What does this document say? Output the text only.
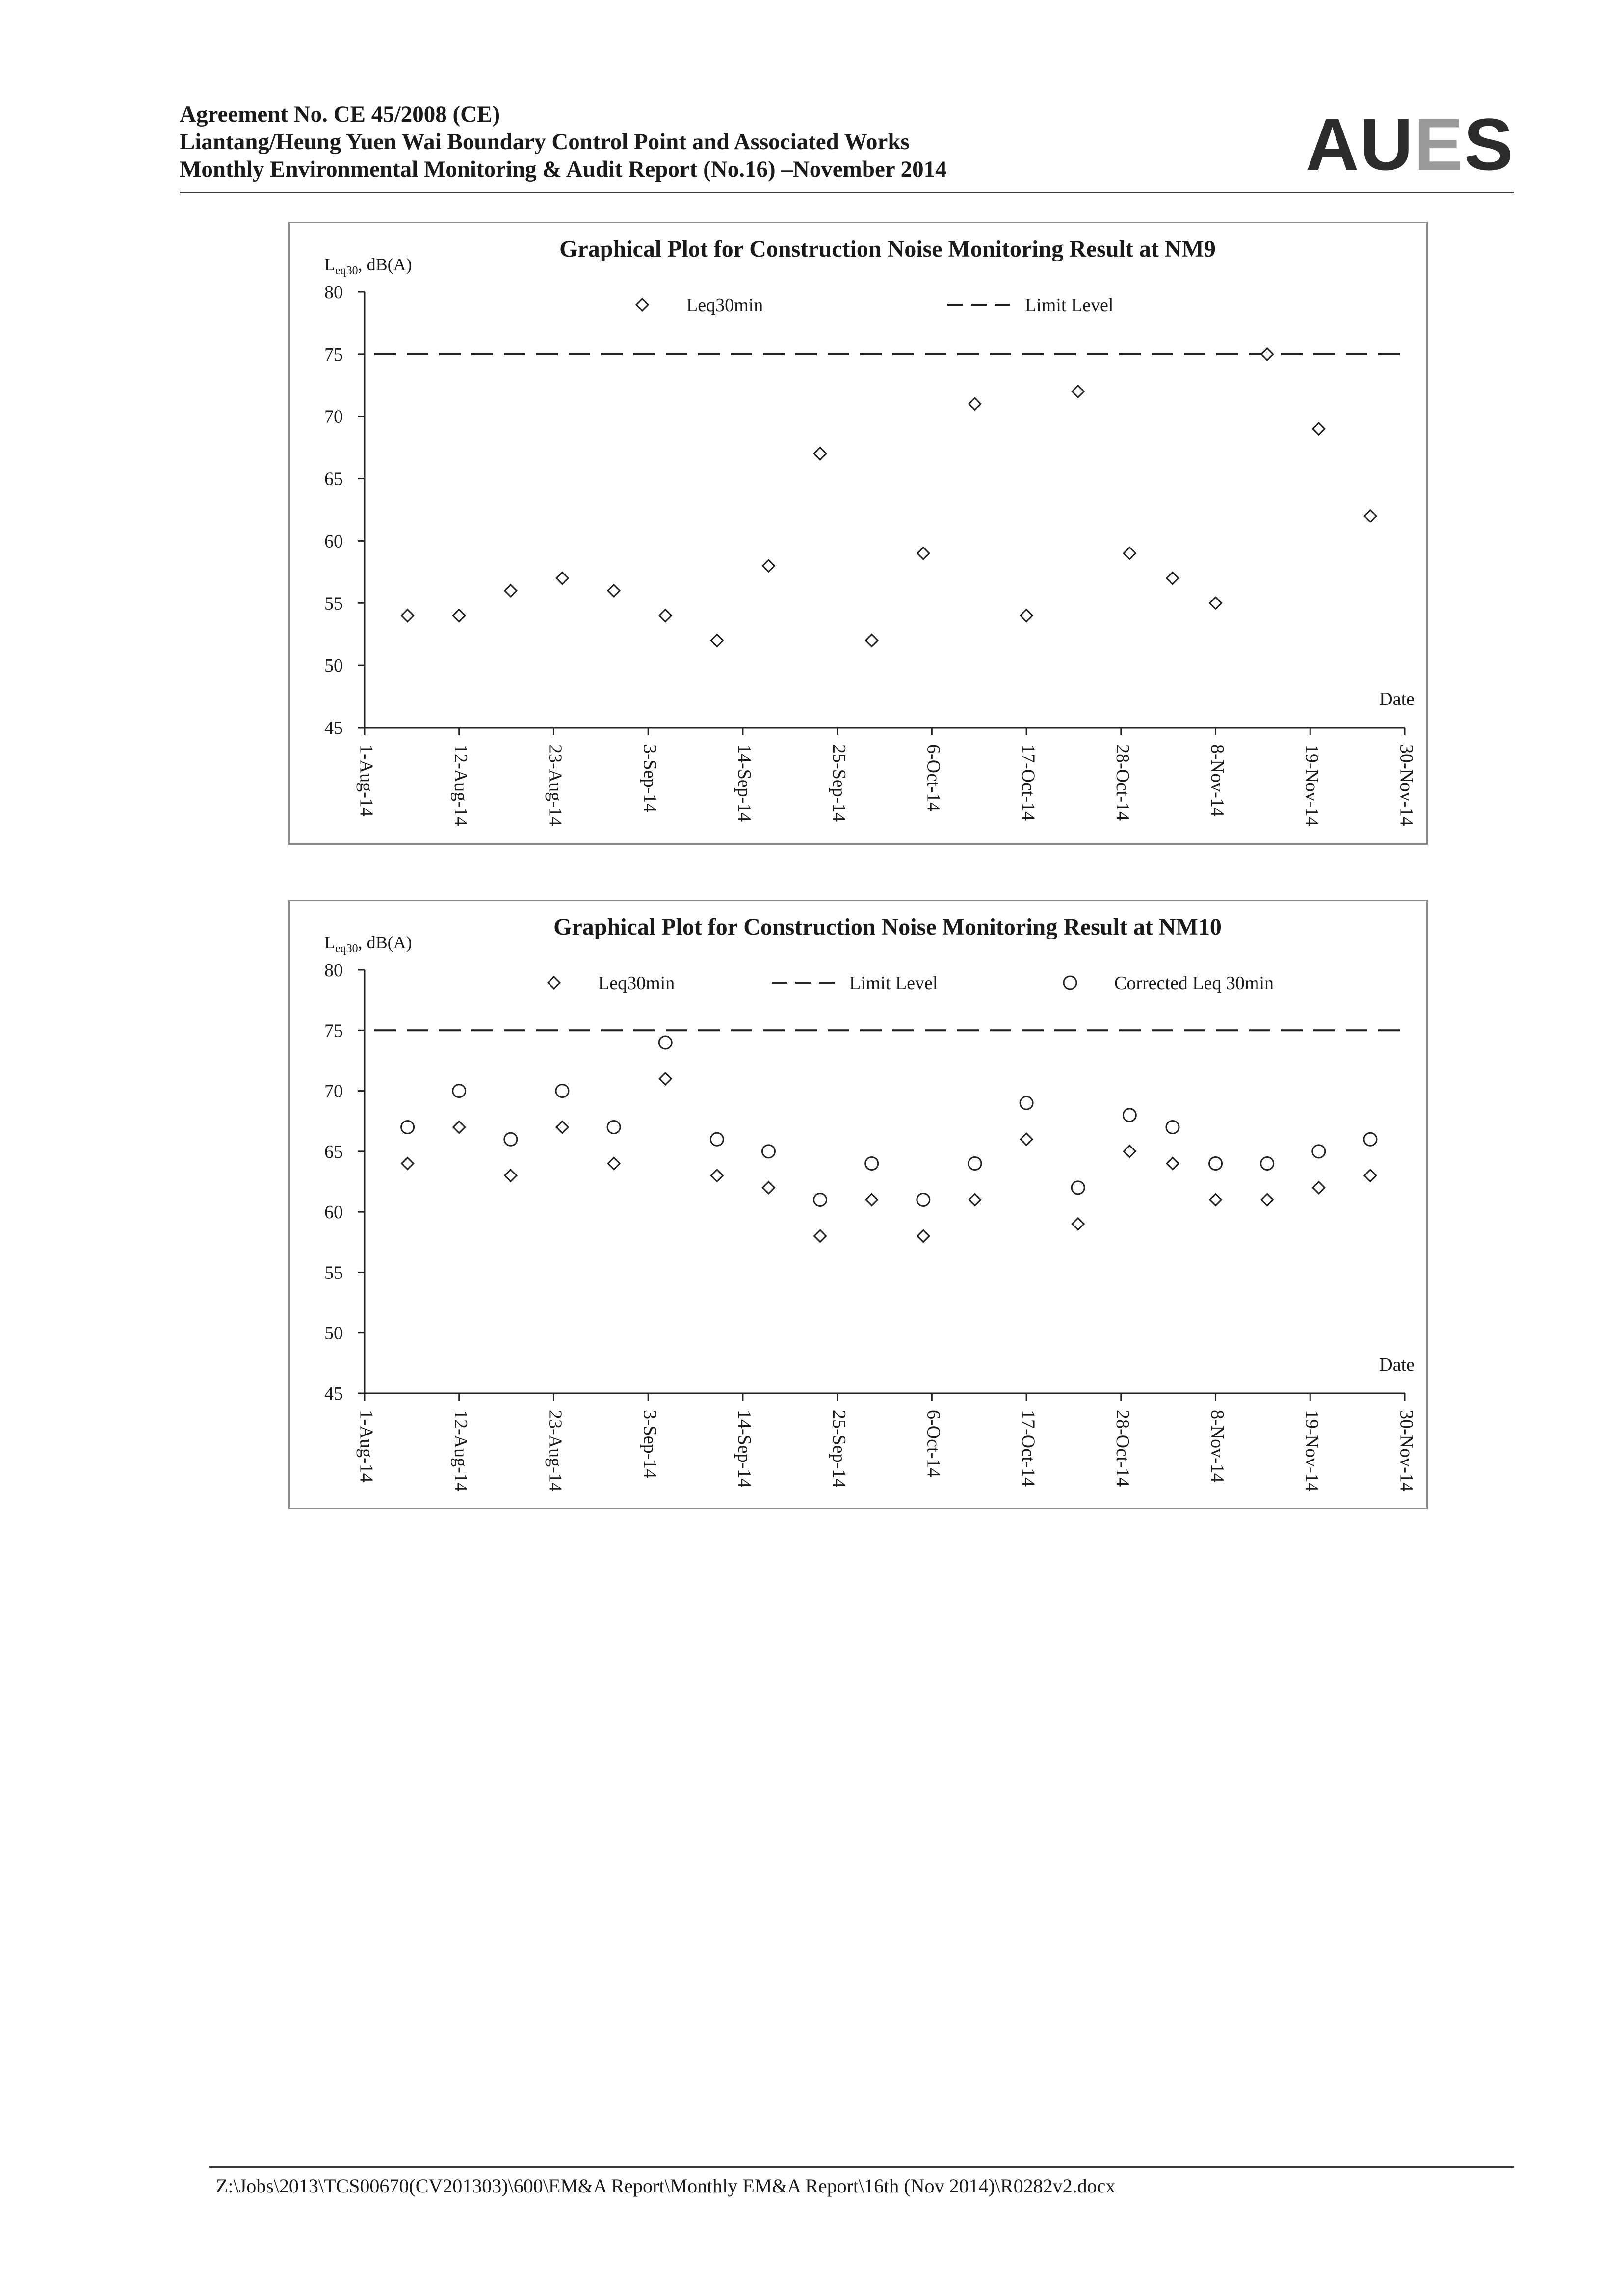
Agreement No. CE 45/2008 (CE)
Liantang/Heung Yuen Wai Boundary Control Point and Associated Works
Monthly Environmental Monitoring & Audit Report (No.16) –November 2014	AUES
Graphical Plot for Construction Noise Monitoring Result at NM9
$L_{eq30}$, dB(A)
45
50
55
60
65
70
75
80
1-Aug-14	12-Aug-14	23-Aug-14	3-Sep-14	14-Sep-14	25-Sep-14	6-Oct-14	17-Oct-14	28-Oct-14	8-Nov-14	19-Nov-14	30-Nov-14
Date
Leq30min	Limit Level
Graphical Plot for Construction Noise Monitoring Result at NM10
$L_{eq30}$, dB(A)
45
50
55
60
65
70
75
80
1-Aug-14	12-Aug-14	23-Aug-14	3-Sep-14	14-Sep-14	25-Sep-14	6-Oct-14	17-Oct-14	28-Oct-14	8-Nov-14	19-Nov-14	30-Nov-14
Date
Leq30min	Limit Level	Corrected Leq 30min
Z:\Jobs\2013\TCS00670(CV201303)\600\EM&A Report\Monthly EM&A Report\16th (Nov 2014)\R0282v2.docx
